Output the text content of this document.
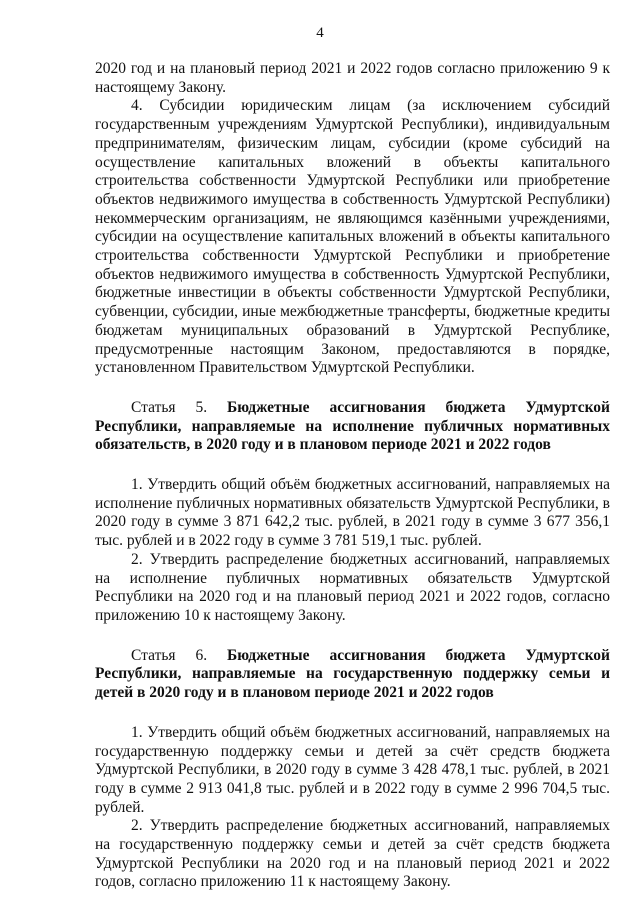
4

2020 год и на плановый период 2021 и 2022 годов согласно приложению 9 к настоящему Закону.

4. Субсидии юридическим лицам (за исключением субсидий государственным учреждениям Удмуртской Республики), индивидуальным предпринимателям, физическим лицам, субсидии (кроме субсидий на осуществление капитальных вложений в объекты капитального строительства собственности Удмуртской Республики или приобретение объектов недвижимого имущества в собственность Удмуртской Республики) некоммерческим организациям, не являющимся казёнными учреждениями, субсидии на осуществление капитальных вложений в объекты капитального строительства собственности Удмуртской Республики и приобретение объектов недвижимого имущества в собственность Удмуртской Республики, бюджетные инвестиции в объекты собственности Удмуртской Республики, субвенции, субсидии, иные межбюджетные трансферты, бюджетные кредиты бюджетам муниципальных образований в Удмуртской Республике, предусмотренные настоящим Законом, предоставляются в порядке, установленном Правительством Удмуртской Республики.

Статья 5. Бюджетные ассигнования бюджета Удмуртской Республики, направляемые на исполнение публичных нормативных обязательств, в 2020 году и в плановом периоде 2021 и 2022 годов

1. Утвердить общий объём бюджетных ассигнований, направляемых на исполнение публичных нормативных обязательств Удмуртской Республики, в 2020 году в сумме 3 871 642,2 тыс. рублей, в 2021 году в сумме 3 677 356,1 тыс. рублей и в 2022 году в сумме 3 781 519,1 тыс. рублей.

2. Утвердить распределение бюджетных ассигнований, направляемых на исполнение публичных нормативных обязательств Удмуртской Республики на 2020 год и на плановый период 2021 и 2022 годов, согласно приложению 10 к настоящему Закону.

Статья 6. Бюджетные ассигнования бюджета Удмуртской Республики, направляемые на государственную поддержку семьи и детей в 2020 году и в плановом периоде 2021 и 2022 годов

1. Утвердить общий объём бюджетных ассигнований, направляемых на государственную поддержку семьи и детей за счёт средств бюджета Удмуртской Республики, в 2020 году в сумме 3 428 478,1 тыс. рублей, в 2021 году в сумме 2 913 041,8 тыс. рублей и в 2022 году в сумме 2 996 704,5 тыс. рублей.

2. Утвердить распределение бюджетных ассигнований, направляемых на государственную поддержку семьи и детей за счёт средств бюджета Удмуртской Республики на 2020 год и на плановый период 2021 и 2022 годов, согласно приложению 11 к настоящему Закону.
